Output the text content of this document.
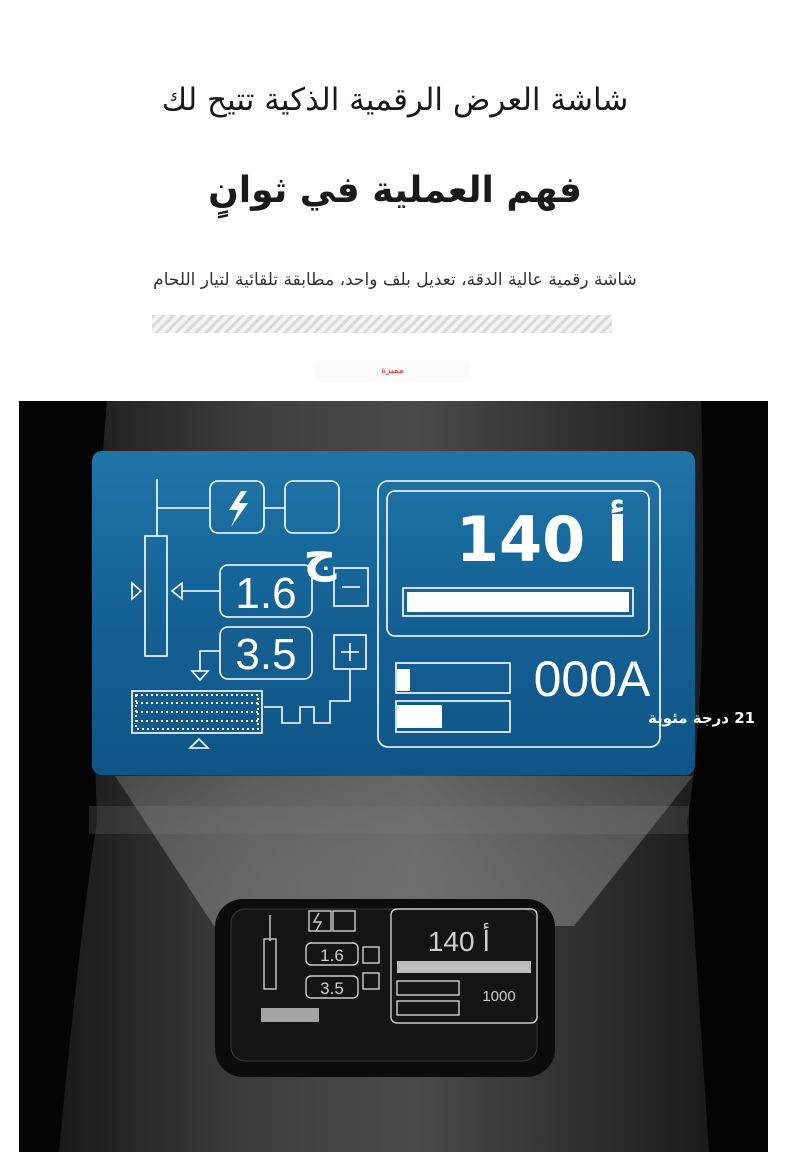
شاشة العرض الرقمية الذكية تتيح لك
فهم العملية في ثوانٍ
شاشة رقمية عالية الدقة، تعديل بلف واحد، مطابقة تلقائية لتيار اللحام
مميزة
1.6
3.5
أ 140
1000
ج
1.6
3.5
140 أ
000A
21 درجة مئوية
